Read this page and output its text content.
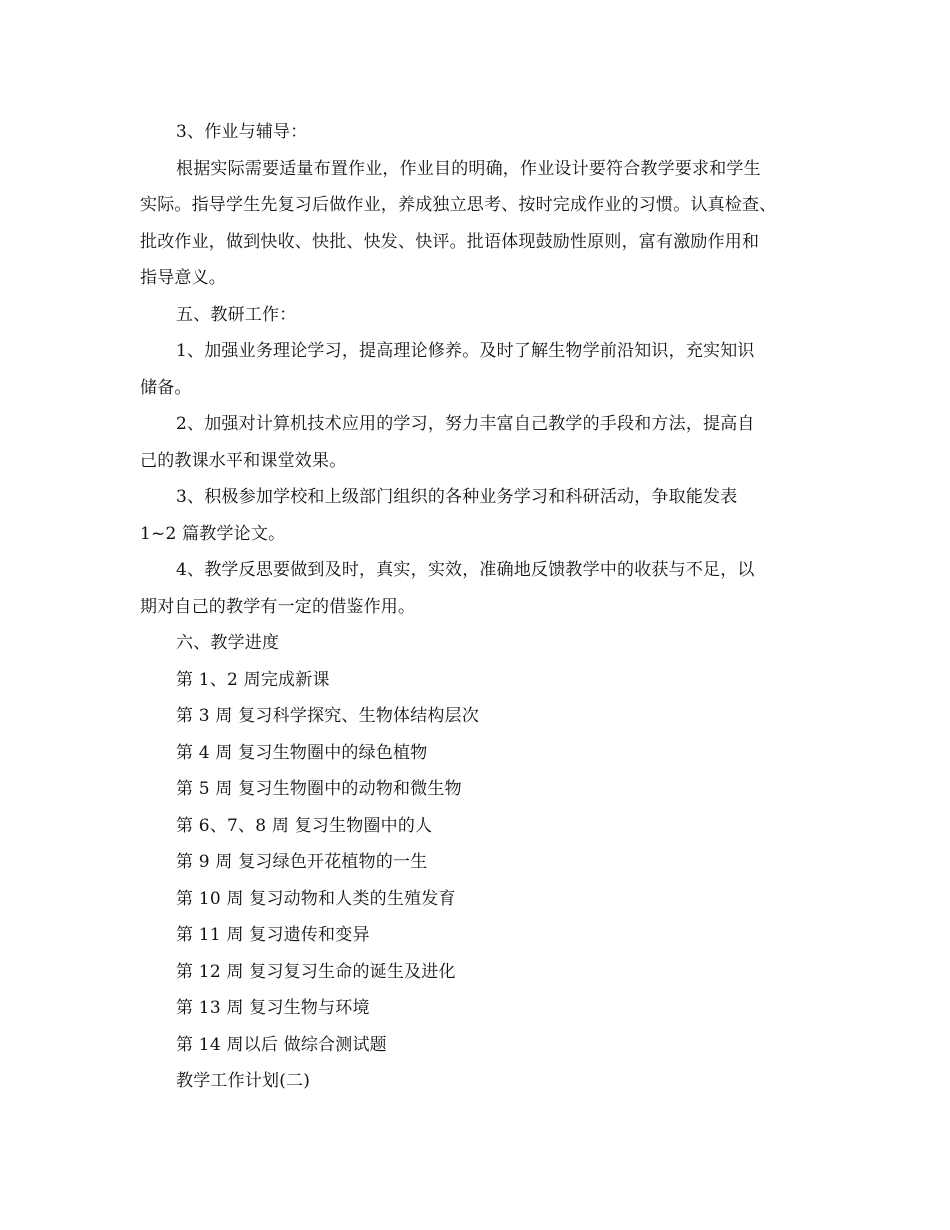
3、作业与辅导：
根据实际需要适量布置作业，作业目的明确，作业设计要符合教学要求和学生
实际。指导学生先复习后做作业，养成独立思考、按时完成作业的习惯。认真检查、
批改作业，做到快收、快批、快发、快评。批语体现鼓励性原则，富有激励作用和
指导意义。
五、教研工作：
1、加强业务理论学习，提高理论修养。及时了解生物学前沿知识，充实知识
储备。
2、加强对计算机技术应用的学习，努力丰富自己教学的手段和方法，提高自
己的教课水平和课堂效果。
3、积极参加学校和上级部门组织的各种业务学习和科研活动，争取能发表
1~2 篇教学论文。
4、教学反思要做到及时，真实，实效，准确地反馈教学中的收获与不足，以
期对自己的教学有一定的借鉴作用。
六、教学进度
第 1、2 周完成新课
第 3 周 复习科学探究、生物体结构层次
第 4 周 复习生物圈中的绿色植物
第 5 周 复习生物圈中的动物和微生物
第 6、7、8 周 复习生物圈中的人
第 9 周 复习绿色开花植物的一生
第 10 周 复习动物和人类的生殖发育
第 11 周 复习遗传和变异
第 12 周 复习复习生命的诞生及进化
第 13 周 复习生物与环境
第 14 周以后 做综合测试题
教学工作计划(二)
